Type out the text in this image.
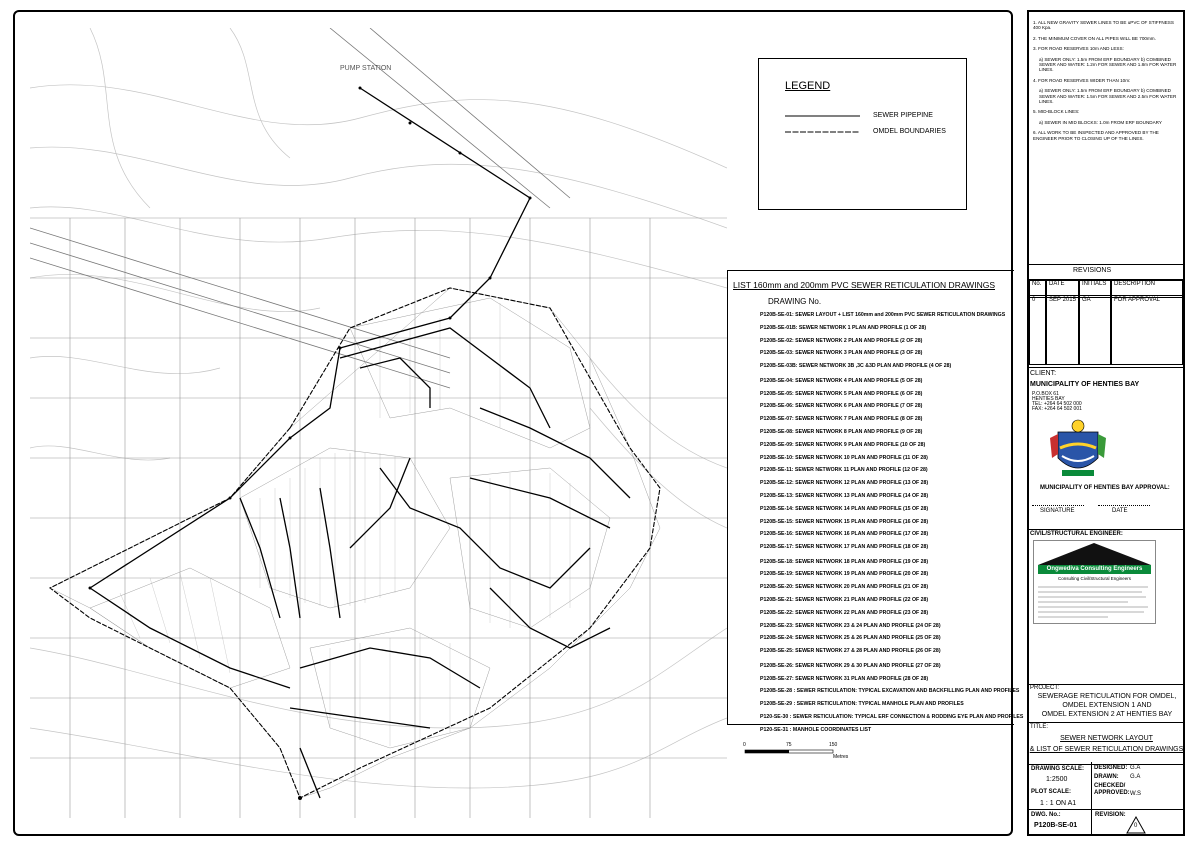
PUMP STATION
LEGEND
SEWER PIPEPINE
OMDEL BOUNDARIES
LIST 160mm and 200mm PVC SEWER RETICULATION DRAWINGS
DRAWING No.
P120B-SE-01: SEWER LAYOUT + LIST 160mm and 200mm PVC SEWER RETICULATION DRAWINGS
P120B-SE-01B: SEWER NETWORK 1 PLAN AND PROFILE (1 OF 28)
P120B-SE-02: SEWER NETWORK 2 PLAN AND PROFILE (2 OF 28)
P120B-SE-03: SEWER NETWORK 3 PLAN AND PROFILE (3 OF 28)
P120B-SE-03B: SEWER NETWORK 3B ,3C &3D PLAN AND PROFILE (4 OF 28)
P120B-SE-04: SEWER NETWORK 4 PLAN AND PROFILE (5 OF 28)
P120B-SE-05: SEWER NETWORK 5 PLAN AND PROFILE (6 OF 28)
P120B-SE-06: SEWER NETWORK 6 PLAN AND PROFILE (7 OF 28)
P120B-SE-07: SEWER NETWORK 7 PLAN AND PROFILE (8 OF 28)
P120B-SE-08: SEWER NETWORK 8 PLAN AND PROFILE (9 OF 28)
P120B-SE-09: SEWER NETWORK 9 PLAN AND PROFILE (10 OF 28)
P120B-SE-10: SEWER NETWORK 10 PLAN AND PROFILE (11 OF 28)
P120B-SE-11: SEWER NETWORK 11 PLAN AND PROFILE (12 OF 28)
P120B-SE-12: SEWER NETWORK 12 PLAN AND PROFILE (13 OF 28)
P120B-SE-13: SEWER NETWORK 13 PLAN AND PROFILE (14 OF 28)
P120B-SE-14: SEWER NETWORK 14 PLAN AND PROFILE (15 OF 28)
P120B-SE-15: SEWER NETWORK 15 PLAN AND PROFILE (16 OF 28)
P120B-SE-16: SEWER NETWORK 16 PLAN AND PROFILE (17 OF 28)
P120B-SE-17: SEWER NETWORK 17 PLAN AND PROFILE (18 OF 28)
P120B-SE-18: SEWER NETWORK 18 PLAN AND PROFILE (19 OF 28)
P120B-SE-19: SEWER NETWORK 19 PLAN AND PROFILE (20 OF 28)
P120B-SE-20: SEWER NETWORK 20 PLAN AND PROFILE (21 OF 28)
P120B-SE-21: SEWER NETWORK 21 PLAN AND PROFILE (22 OF 28)
P120B-SE-22: SEWER NETWORK 22 PLAN AND PROFILE (23 OF 28)
P120B-SE-23: SEWER NETWORK 23 & 24 PLAN AND PROFILE (24 OF 28)
P120B-SE-24: SEWER NETWORK 25 & 26 PLAN AND PROFILE (25 OF 28)
P120B-SE-25: SEWER NETWORK 27 & 28 PLAN AND PROFILE (26 OF 28)
P120B-SE-26: SEWER NETWORK 29 & 30 PLAN AND PROFILE (27 OF 28)
P120B-SE-27: SEWER NETWORK 31 PLAN AND PROFILE (28 OF 28)
P120B-SE-28 : SEWER RETICULATION: TYPICAL EXCAVATION AND BACKFILLING PLAN AND PROFILES
P120B-SE-29 : SEWER RETICULATION: TYPICAL MANHOLE PLAN AND PROFILES
P120-SE-30 : SEWER RETICULATION: TYPICAL ERF CONNECTION & RODDING EYE PLAN AND PROFILES
P120-SE-31 : MANHOLE COORDINATES LIST
0	75	150
Metres
1. ALL NEW GRAVITY SEWER LINES TO BE uPVC OF STIFFNESS 400 Kpa.
2. THE MINIMUM COVER ON ALL PIPES WILL BE 700mm.
3. FOR ROAD RESERVES 10m AND LESS:
a) SEWER ONLY: 1.5m FROM ERF BOUNDARY b) COMBINED SEWER AND WATER: 1.2m FOR SEWER AND 1.8m FOR WATER LINES.
4. FOR ROAD RESERVES WIDER THAN 10m:
a) SEWER ONLY: 1.5m FROM ERF BOUNDARY b) COMBINED SEWER AND WATER: 1.5m FOR SEWER AND 2.5m FOR WATER LINES.
5. MID-BLOCK LINES:
a) SEWER IN MID BLOCKS: 1.0m FROM ERF BOUNDARY
6. ALL WORK TO BE INSPECTED AND APPROVED BY THE ENGINEER PRIOR TO CLOSING UP OF THE LINES.
REVISIONS
No.	DATE	INITIALS	DESCRIPTION
0	SEP 2015	GA	FOR APPROVAL
CLIENT:
MUNICIPALITY OF HENTIES BAY
P.O.BOX 61
HENTIES BAY
TEL: +264 64 502 000
FAX: +264 64 502 001
MUNICIPALITY OF HENTIES BAY APPROVAL:
SIGNATURE	DATE
CIVIL/STRUCTURAL ENGINEER:
Ongwediva Consulting Engineers
Consulting Civil/Structural Engineers
PROJECT:
SEWERAGE RETICULATION FOR OMDEL,
OMDEL EXTENSION 1 AND
OMDEL EXTENSION 2 AT HENTIES BAY
TITLE:
SEWER NETWORK LAYOUT
& LIST OF SEWER RETICULATION DRAWINGS
DRAWING SCALE:
1:2500
PLOT SCALE:
1 : 1 ON A1
DESIGNED: G.A
DRAWN: G.A
CHECKED/ APPROVED: W.S
DWG. No.:
P120B-SE-01
REVISION:
0
